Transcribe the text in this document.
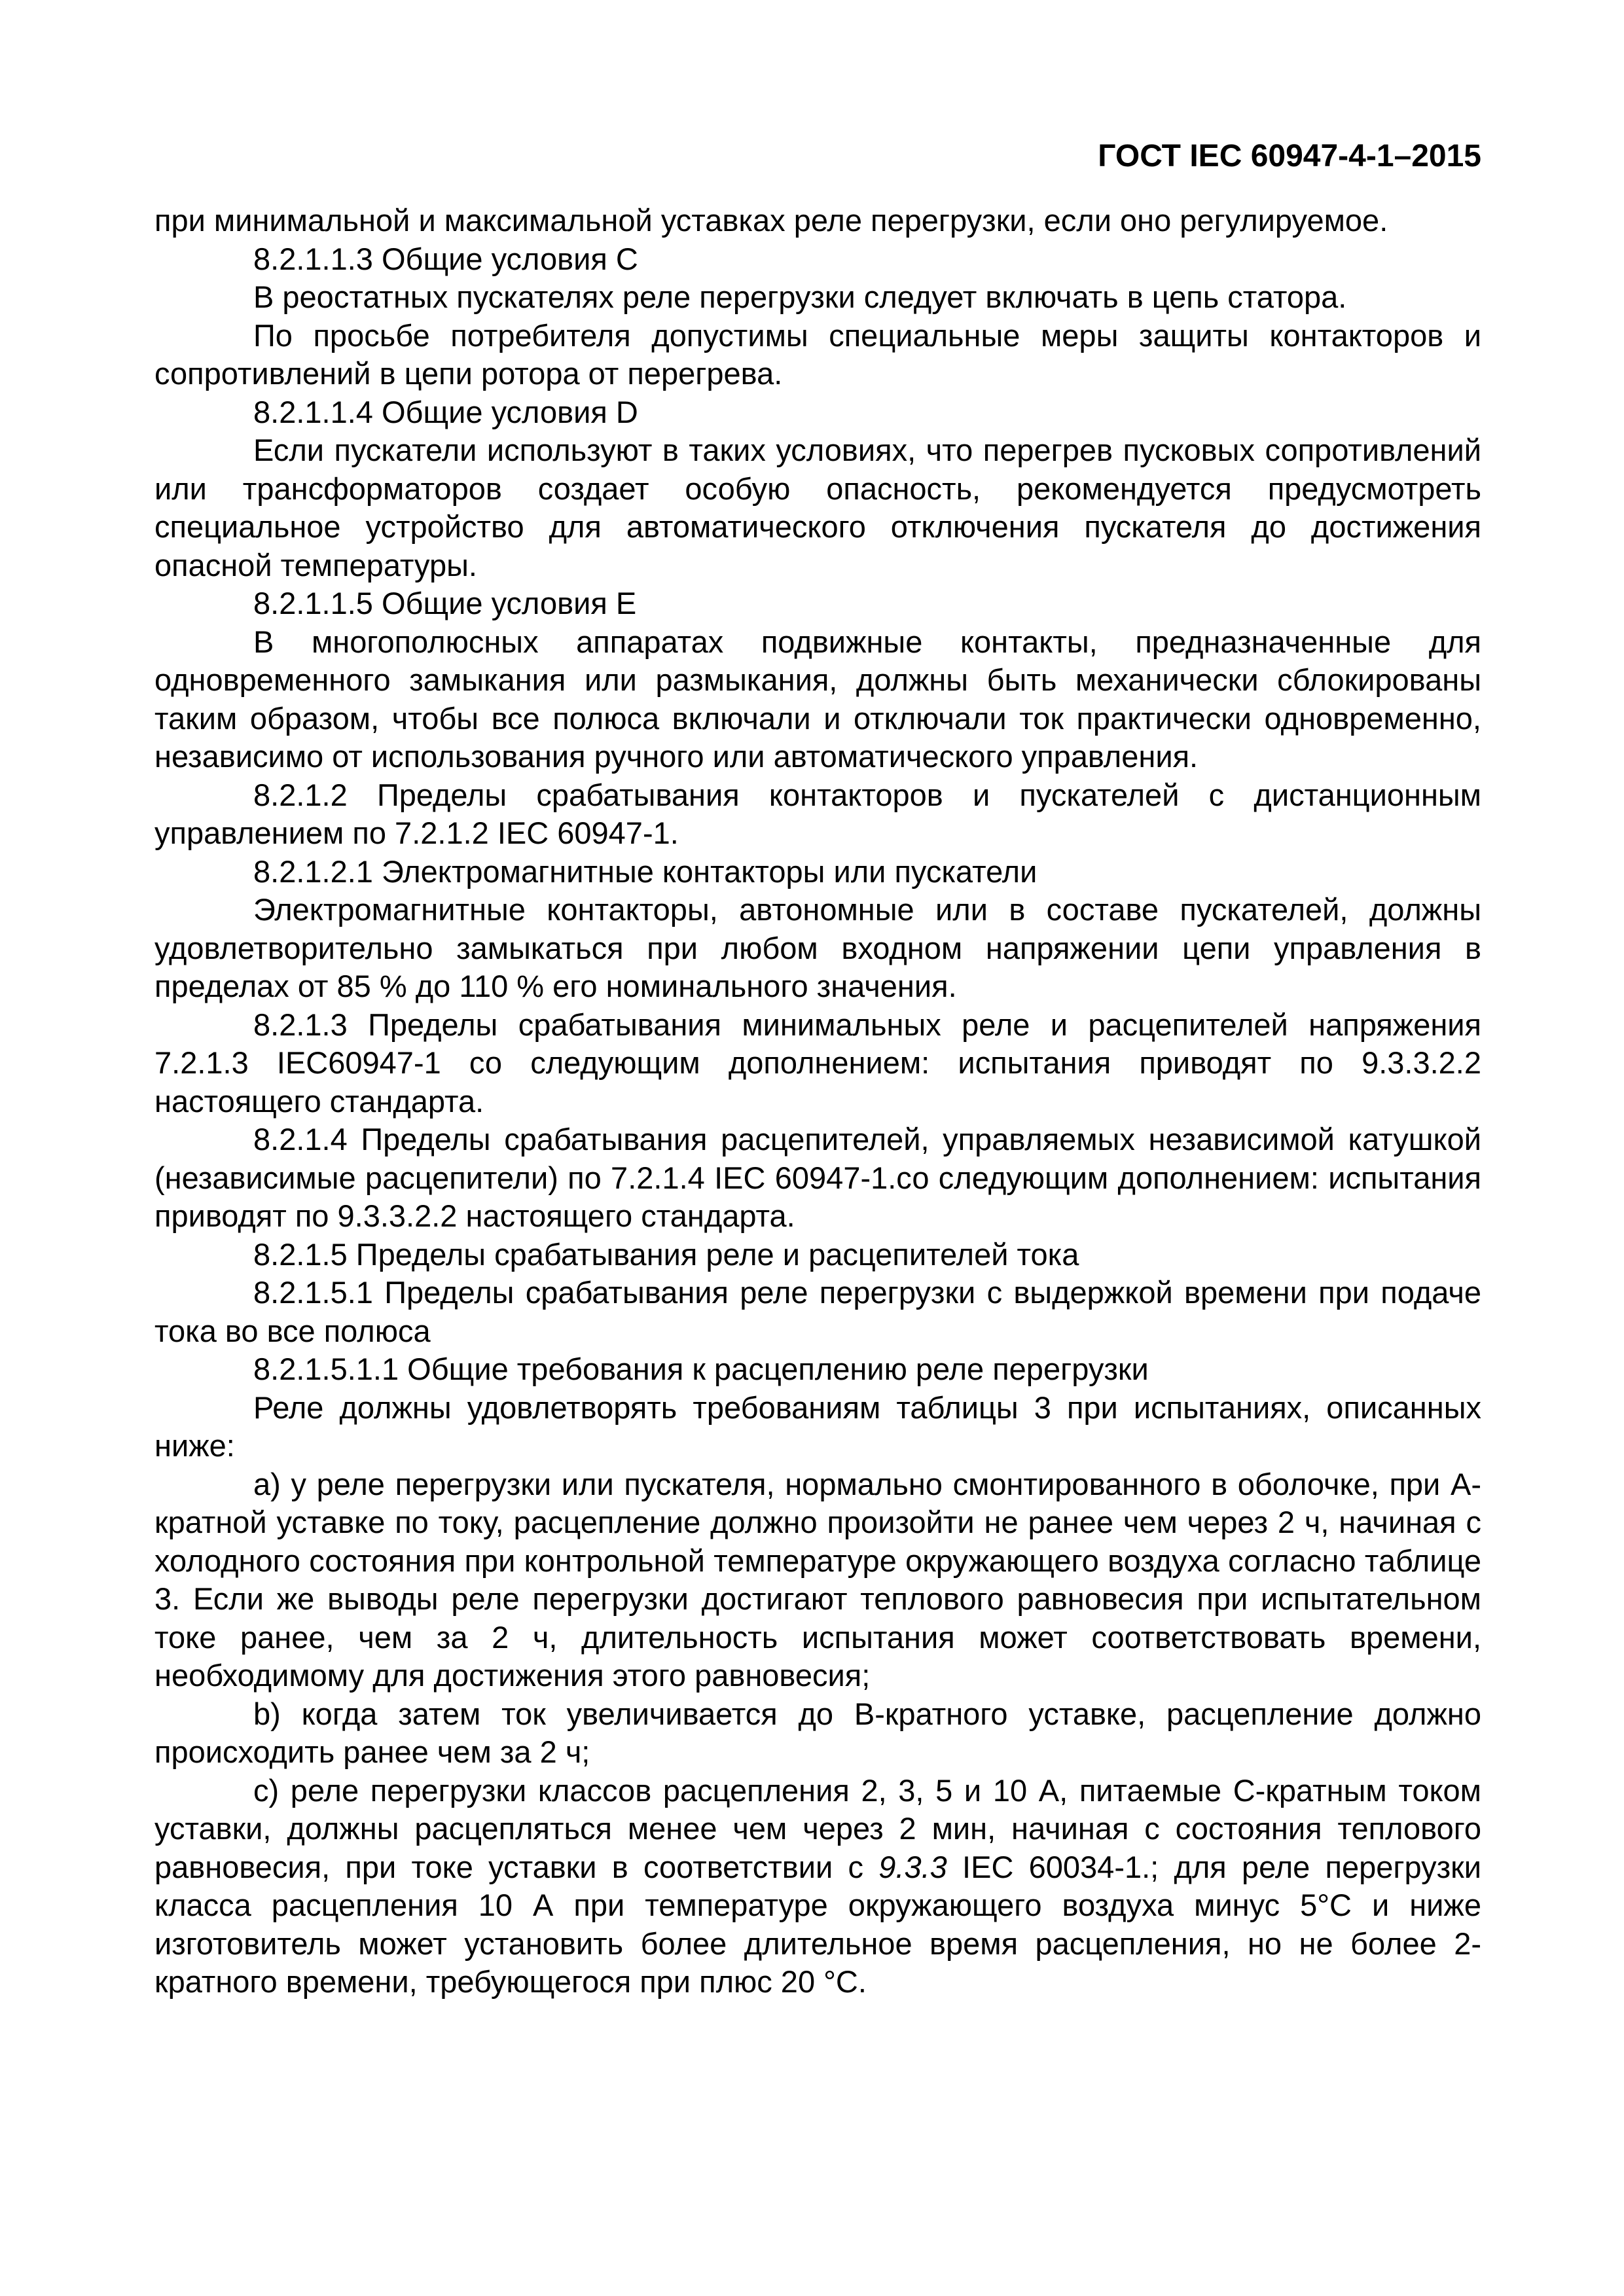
ГОСТ IEC 60947-4-1–2015

при минимальной и максимальной уставках реле перегрузки, если оно регулируемое.

8.2.1.1.3 Общие условия С

В реостатных пускателях реле перегрузки следует включать в цепь статора.

По просьбе потребителя допустимы специальные меры защиты контакторов и сопротивлений в цепи ротора от перегрева.

8.2.1.1.4 Общие условия D

Если пускатели используют в таких условиях, что перегрев пусковых сопротивлений или трансформаторов создает особую опасность, рекомендуется предусмотреть специальное устройство для автоматического отключения пускателя до достижения опасной температуры.

8.2.1.1.5 Общие условия Е

В многополюсных аппаратах подвижные контакты, предназначенные для одновременного замыкания или размыкания, должны быть механически сблокированы таким образом, чтобы все полюса включали и отключали ток практически одновременно, независимо от использования ручного или автоматического управления.

8.2.1.2 Пределы срабатывания контакторов и пускателей с дистанционным управлением по 7.2.1.2 IEC 60947-1.

8.2.1.2.1 Электромагнитные контакторы или пускатели

Электромагнитные контакторы, автономные или в составе пускателей, должны удовлетворительно замыкаться при любом входном напряжении цепи управления в пределах от 85 % до 110 % его номинального значения.

8.2.1.3 Пределы срабатывания минимальных реле и расцепителей напряжения 7.2.1.3 IEC60947-1 со следующим дополнением: испытания приводят по 9.3.3.2.2 настоящего стандарта.

8.2.1.4 Пределы срабатывания расцепителей, управляемых независимой катушкой (независимые расцепители) по 7.2.1.4 IEC 60947-1.со следующим дополнением: испытания приводят по 9.3.3.2.2 настоящего стандарта.

8.2.1.5 Пределы срабатывания реле и расцепителей тока

8.2.1.5.1 Пределы срабатывания реле перегрузки с выдержкой времени при подаче тока во все полюса

8.2.1.5.1.1 Общие требования к расцеплению реле перегрузки

Реле должны удовлетворять требованиям таблицы 3 при испытаниях, описанных ниже:

а) у реле перегрузки или пускателя, нормально смонтированного в оболочке, при А-кратной уставке по току, расцепление должно произойти не ранее чем через 2 ч, начиная с холодного состояния при контрольной температуре окружающего воздуха согласно таблице 3. Если же выводы реле перегрузки достигают теплового равновесия при испытательном токе ранее, чем за 2 ч, длительность испытания может соответствовать времени, необходимому для достижения этого равновесия;

b) когда затем ток увеличивается до В-кратного уставке, расцепление должно происходить ранее чем за 2 ч;

с) реле перегрузки классов расцепления 2, 3, 5 и 10 А, питаемые С-кратным током уставки, должны расцепляться менее чем через 2 мин, начиная с состояния теплового равновесия, при токе уставки в соответствии с 9.3.3 IEC 60034-1.; для реле перегрузки класса расцепления 10 А при температуре окружающего воздуха минус 5°С и ниже изготовитель может установить более длительное время расцепления, но не более 2-кратного времени, требующегося при плюс 20 °С.
